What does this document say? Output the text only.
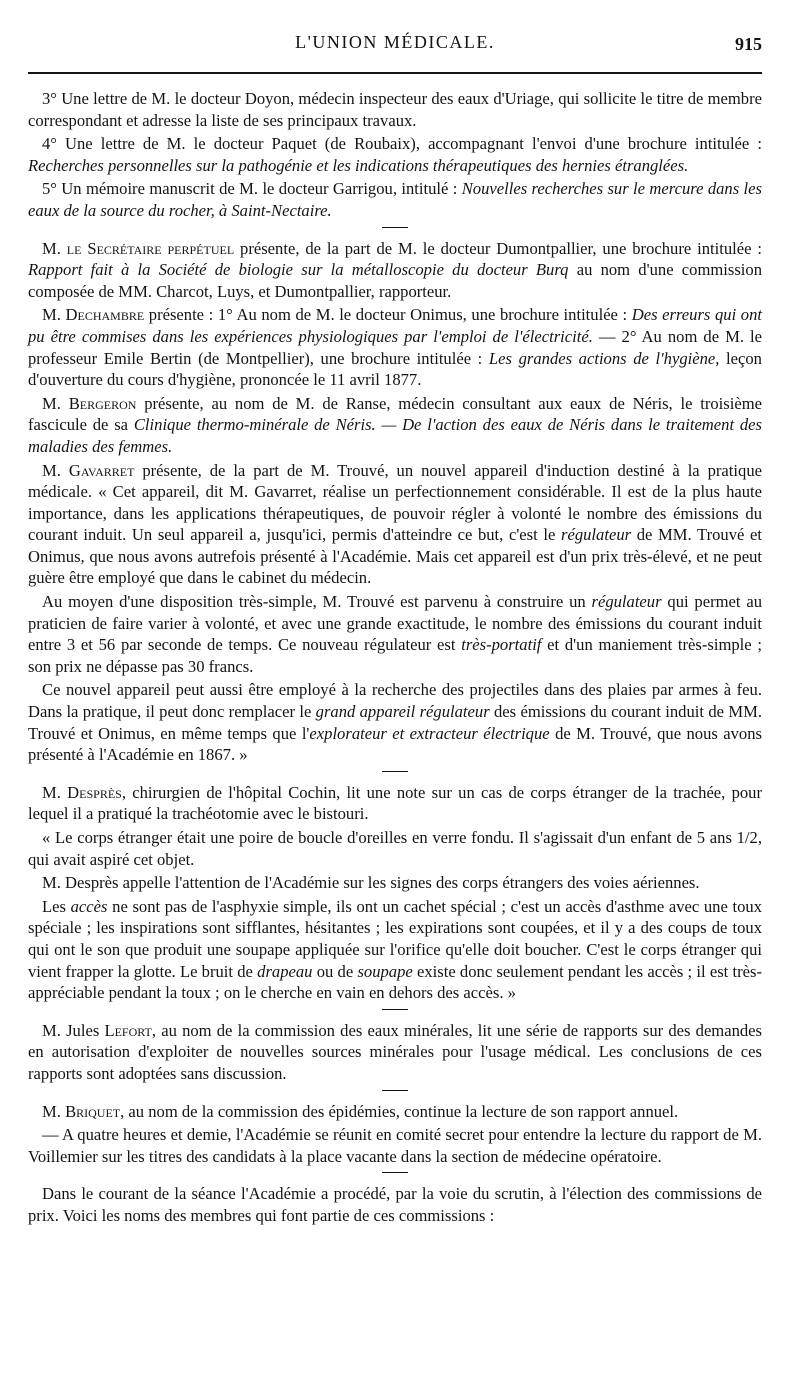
L'UNION MÉDICALE.	915

3° Une lettre de M. le docteur Doyon, médecin inspecteur des eaux d'Uriage, qui sollicite le titre de membre correspondant et adresse la liste de ses principaux travaux.

4° Une lettre de M. le docteur Paquet (de Roubaix), accompagnant l'envoi d'une brochure intitulée : Recherches personnelles sur la pathogénie et les indications thérapeutiques des hernies étranglées.

5° Un mémoire manuscrit de M. le docteur Garrigou, intitulé : Nouvelles recherches sur le mercure dans les eaux de la source du rocher, à Saint-Nectaire.

M. le Secrétaire perpétuel présente, de la part de M. le docteur Dumontpallier, une brochure intitulée : Rapport fait à la Société de biologie sur la métalloscopie du docteur Burq au nom d'une commission composée de MM. Charcot, Luys, et Dumontpallier, rapporteur.

M. Dechambre présente : 1° Au nom de M. le docteur Onimus, une brochure intitulée : Des erreurs qui ont pu être commises dans les expériences physiologiques par l'emploi de l'électricité. — 2° Au nom de M. le professeur Emile Bertin (de Montpellier), une brochure intitulée : Les grandes actions de l'hygiène, leçon d'ouverture du cours d'hygiène, prononcée le 11 avril 1877.

M. Bergeron présente, au nom de M. de Ranse, médecin consultant aux eaux de Néris, le troisième fascicule de sa Clinique thermo-minérale de Néris. — De l'action des eaux de Néris dans le traitement des maladies des femmes.

M. Gavarret présente, de la part de M. Trouvé, un nouvel appareil d'induction destiné à la pratique médicale. « Cet appareil, dit M. Gavarret, réalise un perfectionnement considérable. Il est de la plus haute importance, dans les applications thérapeutiques, de pouvoir régler à volonté le nombre des émissions du courant induit. Un seul appareil a, jusqu'ici, permis d'atteindre ce but, c'est le régulateur de MM. Trouvé et Onimus, que nous avons autrefois présenté à l'Académie. Mais cet appareil est d'un prix très-élevé, et ne peut guère être employé que dans le cabinet du médecin.

Au moyen d'une disposition très-simple, M. Trouvé est parvenu à construire un régulateur qui permet au praticien de faire varier à volonté, et avec une grande exactitude, le nombre des émissions du courant induit entre 3 et 56 par seconde de temps. Ce nouveau régulateur est très-portatif et d'un maniement très-simple ; son prix ne dépasse pas 30 francs.

Ce nouvel appareil peut aussi être employé à la recherche des projectiles dans des plaies par armes à feu. Dans la pratique, il peut donc remplacer le grand appareil régulateur des émissions du courant induit de MM. Trouvé et Onimus, en même temps que l'explorateur et extracteur électrique de M. Trouvé, que nous avons présenté à l'Académie en 1867. »

M. Desprès, chirurgien de l'hôpital Cochin, lit une note sur un cas de corps étranger de la trachée, pour lequel il a pratiqué la trachéotomie avec le bistouri.

« Le corps étranger était une poire de boucle d'oreilles en verre fondu. Il s'agissait d'un enfant de 5 ans 1/2, qui avait aspiré cet objet.

M. Desprès appelle l'attention de l'Académie sur les signes des corps étrangers des voies aériennes.

Les accès ne sont pas de l'asphyxie simple, ils ont un cachet spécial ; c'est un accès d'asthme avec une toux spéciale ; les inspirations sont sifflantes, hésitantes ; les expirations sont coupées, et il y a des coups de toux qui ont le son que produit une soupape appliquée sur l'orifice qu'elle doit boucher. C'est le corps étranger qui vient frapper la glotte. Le bruit de drapeau ou de soupape existe donc seulement pendant les accès ; il est très-appréciable pendant la toux ; on le cherche en vain en dehors des accès. »

M. Jules Lefort, au nom de la commission des eaux minérales, lit une série de rapports sur des demandes en autorisation d'exploiter de nouvelles sources minérales pour l'usage médical. Les conclusions de ces rapports sont adoptées sans discussion.

M. Briquet, au nom de la commission des épidémies, continue la lecture de son rapport annuel.

— A quatre heures et demie, l'Académie se réunit en comité secret pour entendre la lecture du rapport de M. Voillemier sur les titres des candidats à la place vacante dans la section de médecine opératoire.

Dans le courant de la séance l'Académie a procédé, par la voie du scrutin, à l'élection des commissions de prix. Voici les noms des membres qui font partie de ces commissions :
